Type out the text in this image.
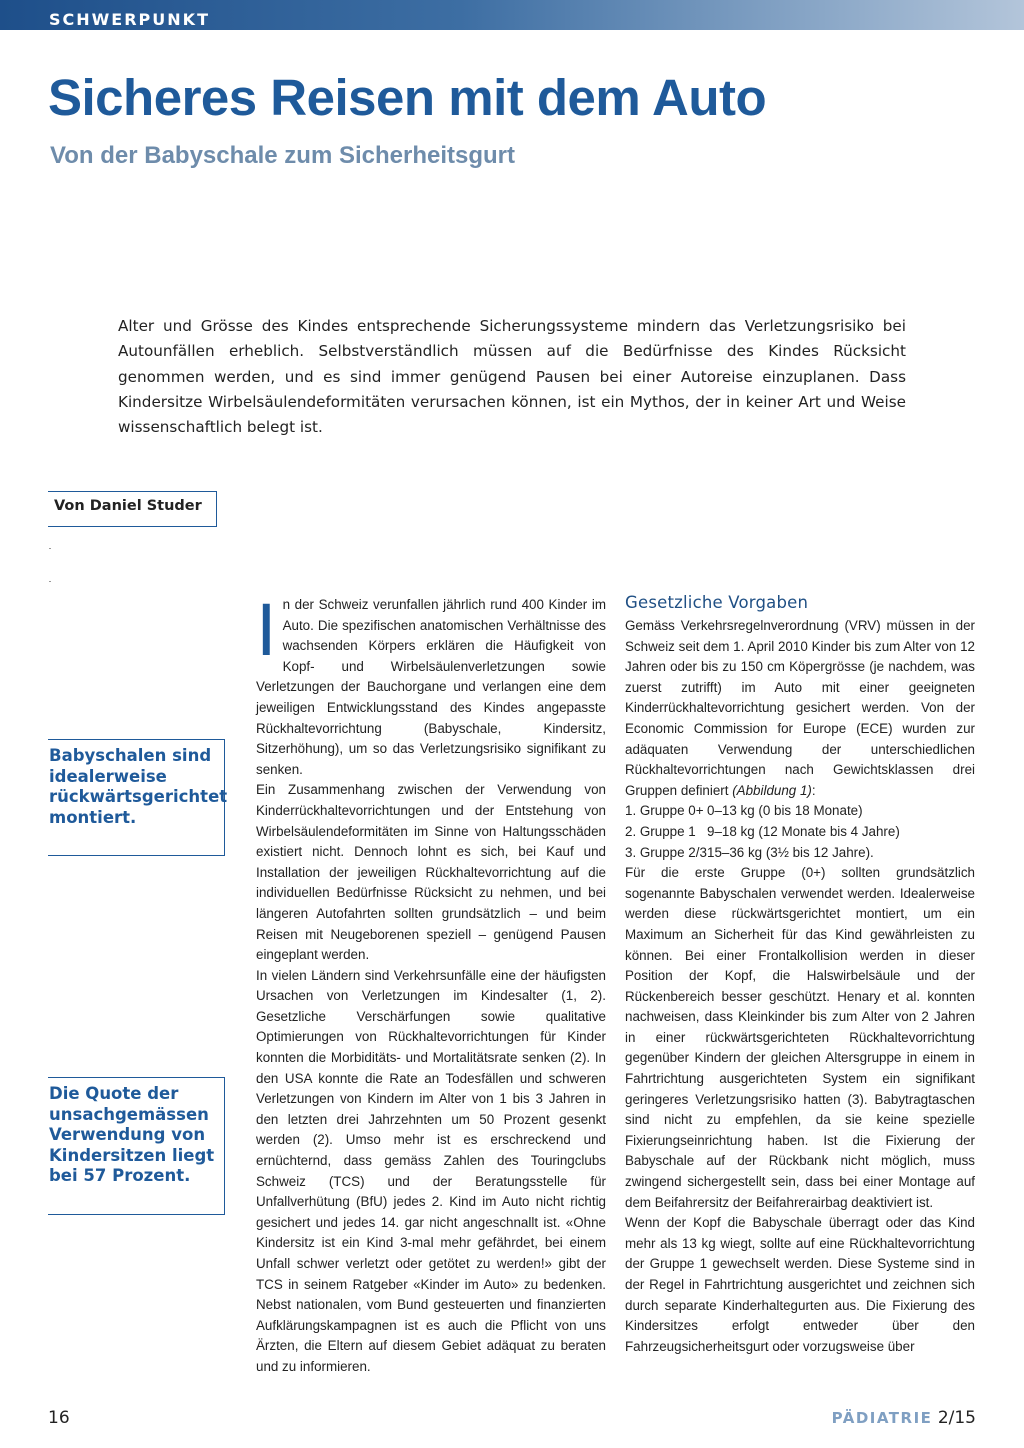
SCHWERPUNKT
Sicheres Reisen mit dem Auto
Von der Babyschale zum Sicherheitsgurt

Alter und Grösse des Kindes entsprechende Sicherungssysteme mindern das Verletzungsrisiko bei Autounfällen erheblich. Selbstverständlich müssen auf die Bedürfnisse des Kindes Rücksicht genommen werden, und es sind immer genügend Pausen bei einer Autoreise einzuplanen. Dass Kindersitze Wirbelsäulendeformitäten verursachen können, ist ein Mythos, der in keiner Art und Weise wissenschaftlich belegt ist.

Von Daniel Studer
Babyschalen sind idealerweise rückwärtsgerichtet montiert.
Die Quote der unsachgemässen Verwendung von Kindersitzen liegt bei 57 Prozent.
I n der Schweiz verunfallen jährlich rund 400 Kinder im Auto. Die spezifischen anatomischen Verhältnisse des wachsenden Körpers erklären die Häufigkeit von Kopf- und Wirbelsäulenverletzungen sowie Verletzungen der Bauchorgane und verlangen eine dem jeweiligen Entwicklungsstand des Kindes angepasste Rückhaltevorrichtung (Babyschale, Kindersitz, Sitzerhöhung), um so das Verletzungsrisiko signifikant zu senken.

Ein Zusammenhang zwischen der Verwendung von Kinderrückhaltevorrichtungen und der Entstehung von Wirbelsäulendeformitäten im Sinne von Haltungsschäden existiert nicht. Dennoch lohnt es sich, bei Kauf und Installation der jeweiligen Rückhaltevorrichtung auf die individuellen Bedürfnisse Rücksicht zu nehmen, und bei längeren Autofahrten sollten grundsätzlich – und beim Reisen mit Neugeborenen speziell – genügend Pausen eingeplant werden.

In vielen Ländern sind Verkehrsunfälle eine der häufigsten Ursachen von Verletzungen im Kindesalter (1, 2). Gesetzliche Verschärfungen sowie qualitative Optimierungen von Rückhaltevorrichtungen für Kinder konnten die Morbiditäts- und Mortalitätsrate senken (2). In den USA konnte die Rate an Todesfällen und schweren Verletzungen von Kindern im Alter von 1 bis 3 Jahren in den letzten drei Jahrzehnten um 50 Prozent gesenkt werden (2). Umso mehr ist es erschreckend und ernüchternd, dass gemäss Zahlen des Touringclubs Schweiz (TCS) und der Beratungsstelle für Unfallverhütung (BfU) jedes 2. Kind im Auto nicht richtig gesichert und jedes 14. gar nicht angeschnallt ist. «Ohne Kindersitz ist ein Kind 3-mal mehr gefährdet, bei einem Unfall schwer verletzt oder getötet zu werden!» gibt der TCS in seinem Ratgeber «Kinder im Auto» zu bedenken. Nebst nationalen, vom Bund gesteuerten und finanzierten Aufklärungskampagnen ist es auch die Pflicht von uns Ärzten, die Eltern auf diesem Gebiet adäquat zu beraten und zu informieren.

Gesetzliche Vorgaben

Gemäss Verkehrsregelnverordnung (VRV) müssen in der Schweiz seit dem 1. April 2010 Kinder bis zum Alter von 12 Jahren oder bis zu 150 cm Köpergrösse (je nachdem, was zuerst zutrifft) im Auto mit einer geeigneten Kinderrückhaltevorrichtung gesichert werden. Von der Economic Commission for Europe (ECE) wurden zur adäquaten Verwendung der unterschiedlichen Rückhaltevorrichtungen nach Gewichtsklassen drei Gruppen definiert (Abbildung 1):

1. Gruppe 0+ 0–13 kg (0 bis 18 Monate)
2. Gruppe 1 9–18 kg (12 Monate bis 4 Jahre)
3. Gruppe 2/3 15–36 kg (3½ bis 12 Jahre).

Für die erste Gruppe (0+) sollten grundsätzlich sogenannte Babyschalen verwendet werden. Idealerweise werden diese rückwärtsgerichtet montiert, um ein Maximum an Sicherheit für das Kind gewährleisten zu können. Bei einer Frontalkollision werden in dieser Position der Kopf, die Halswirbelsäule und der Rückenbereich besser geschützt. Henary et al. konnten nachweisen, dass Kleinkinder bis zum Alter von 2 Jahren in einer rückwärtsgerichteten Rückhaltevorrichtung gegenüber Kindern der gleichen Altersgruppe in einem in Fahrtrichtung ausgerichteten System ein signifikant geringeres Verletzungsrisiko hatten (3). Babytragtaschen sind nicht zu empfehlen, da sie keine spezielle Fixierungseinrichtung haben. Ist die Fixierung der Babyschale auf der Rückbank nicht möglich, muss zwingend sichergestellt sein, dass bei einer Montage auf dem Beifahrersitz der Beifahrerairbag deaktiviert ist.

Wenn der Kopf die Babyschale überragt oder das Kind mehr als 13 kg wiegt, sollte auf eine Rückhaltevorrichtung der Gruppe 1 gewechselt werden. Diese Systeme sind in der Regel in Fahrtrichtung ausgerichtet und zeichnen sich durch separate Kinderhaltegurten aus. Die Fixierung des Kindersitzes erfolgt entweder über den Fahrzeugsicherheitsgurt oder vorzugsweise über

16	PÄDIATRIE 2/15
